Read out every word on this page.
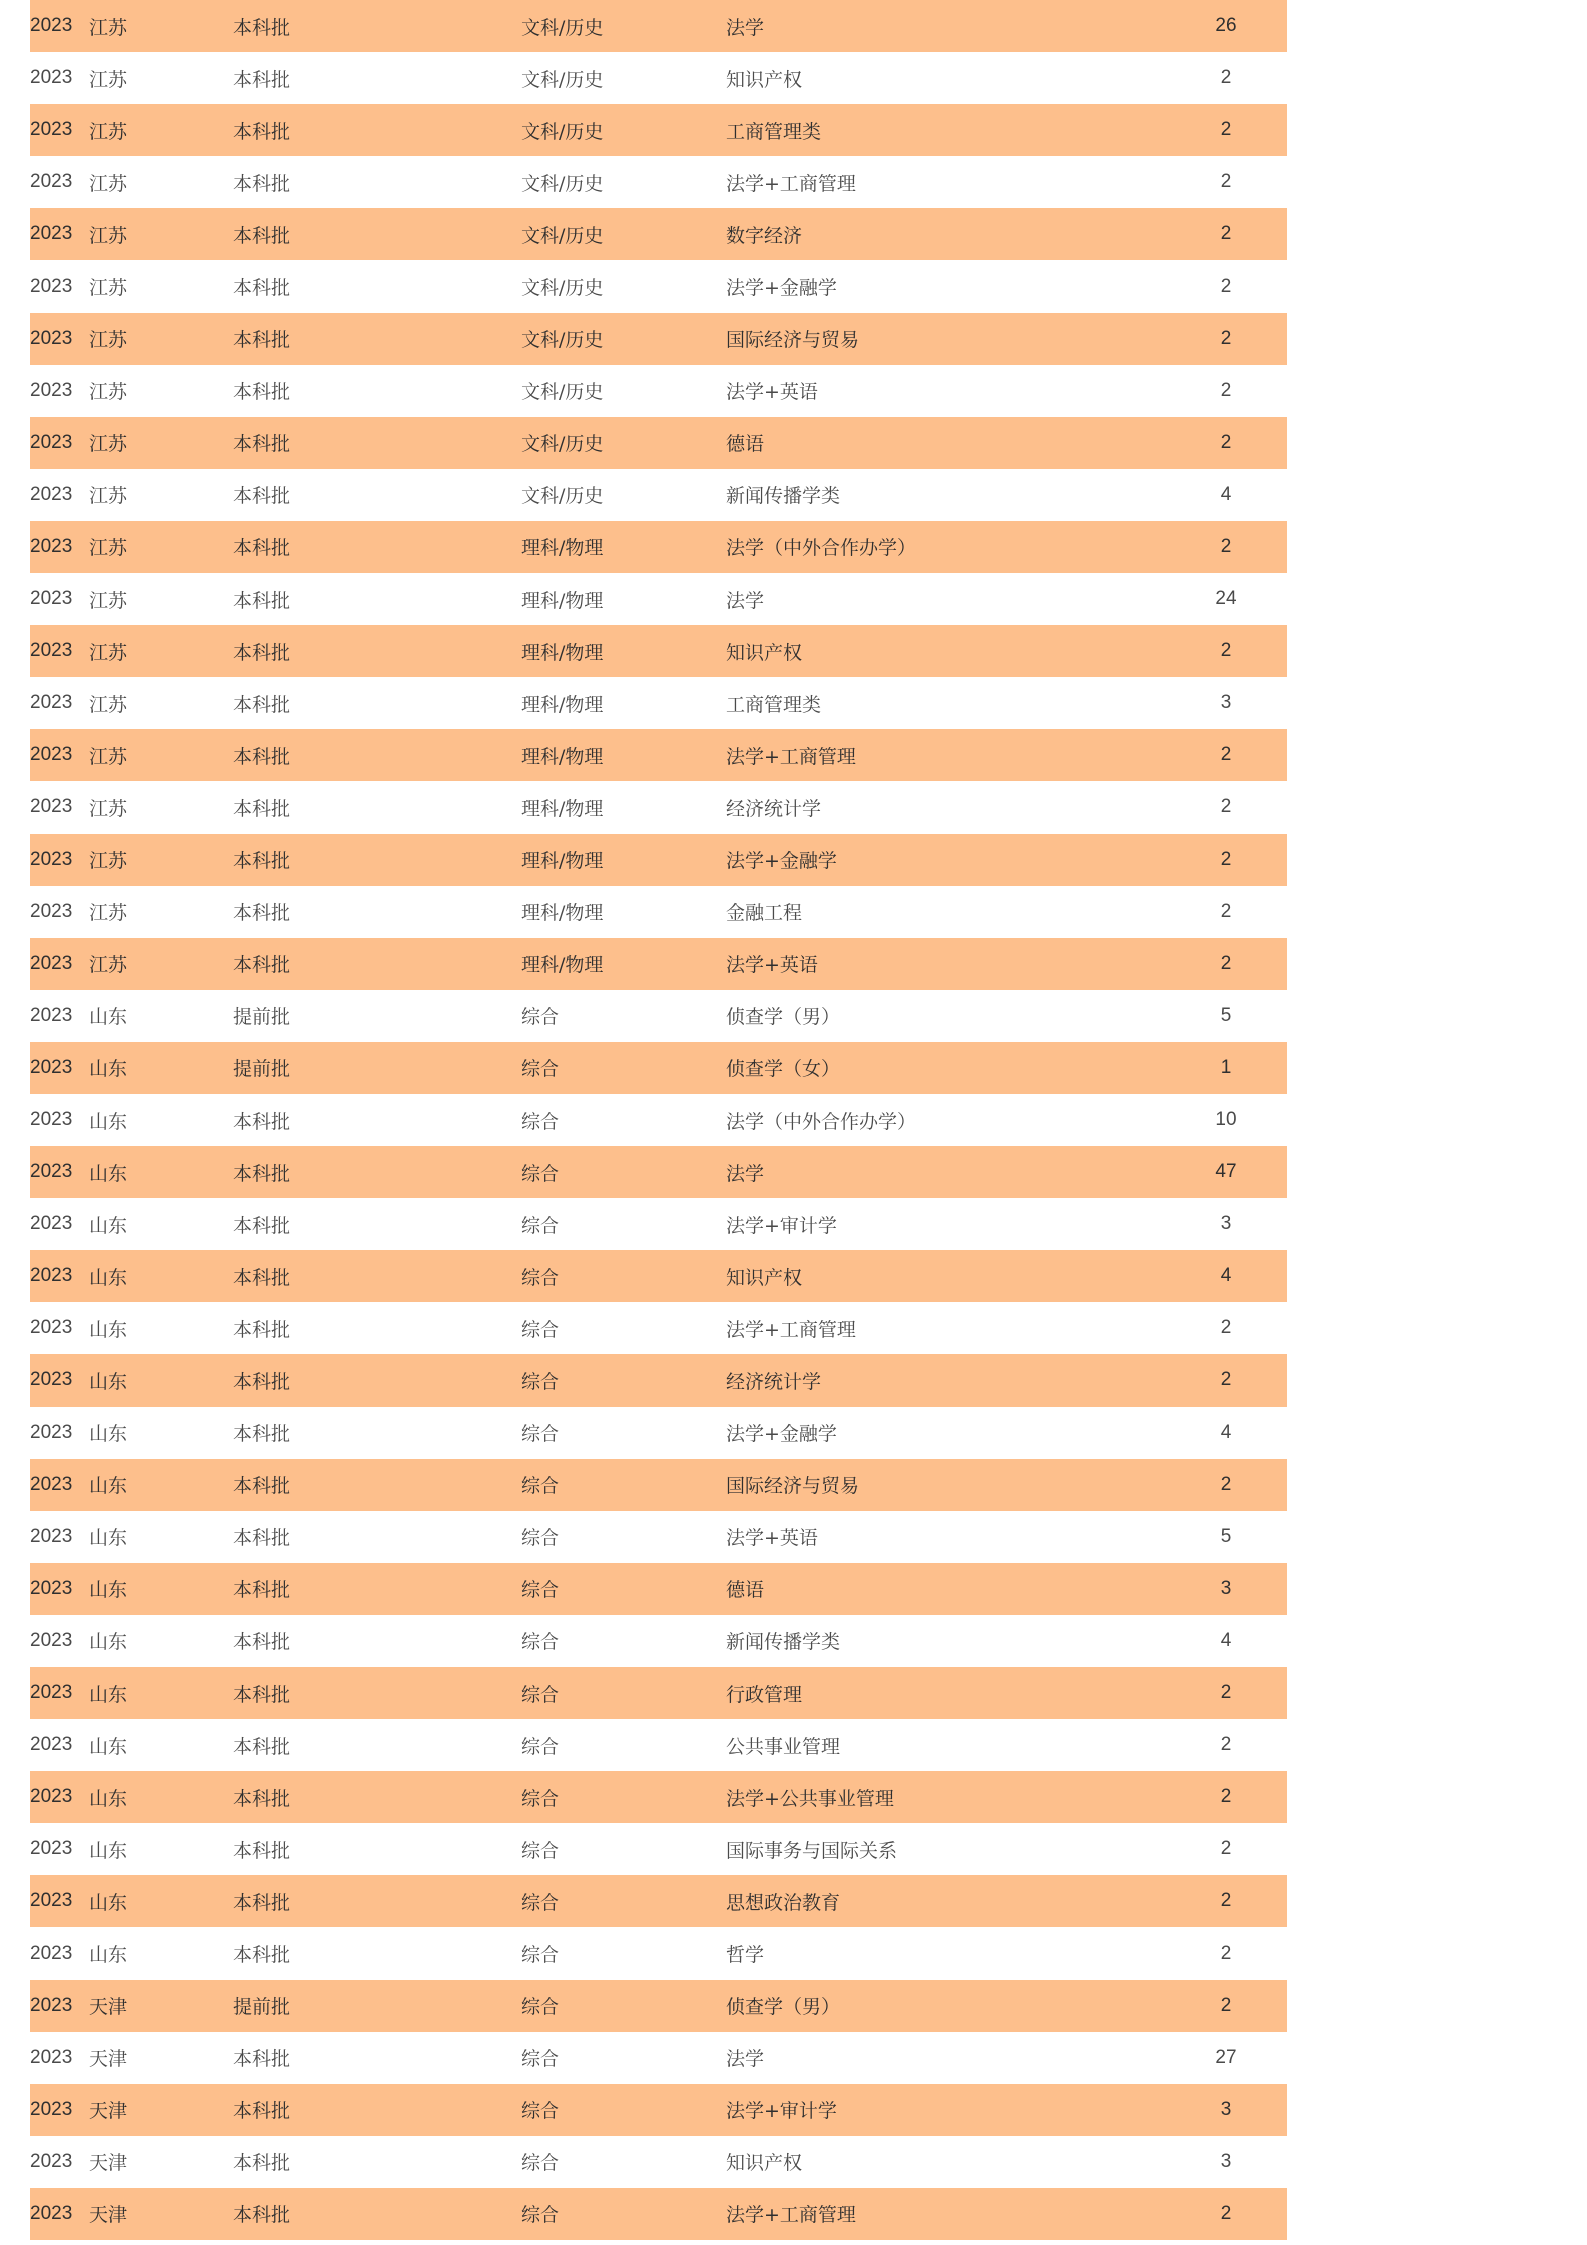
2023 江苏	本科批	文科/历史	法学	26
2023 江苏	本科批	文科/历史	知识产权	2
2023 江苏	本科批	文科/历史	工商管理类	2
2023 江苏	本科批	文科/历史	法学+工商管理	2
2023 江苏	本科批	文科/历史	数字经济	2
2023 江苏	本科批	文科/历史	法学+金融学	2
2023 江苏	本科批	文科/历史	国际经济与贸易	2
2023 江苏	本科批	文科/历史	法学+英语	2
2023 江苏	本科批	文科/历史	德语	2
2023 江苏	本科批	文科/历史	新闻传播学类	4
2023 江苏	本科批	理科/物理	法学（中外合作办学）	2
2023 江苏	本科批	理科/物理	法学	24
2023 江苏	本科批	理科/物理	知识产权	2
2023 江苏	本科批	理科/物理	工商管理类	3
2023 江苏	本科批	理科/物理	法学+工商管理	2
2023 江苏	本科批	理科/物理	经济统计学	2
2023 江苏	本科批	理科/物理	法学+金融学	2
2023 江苏	本科批	理科/物理	金融工程	2
2023 江苏	本科批	理科/物理	法学+英语	2
2023 山东	提前批	综合	侦查学（男）	5
2023 山东	提前批	综合	侦查学（女）	1
2023 山东	本科批	综合	法学（中外合作办学）	10
2023 山东	本科批	综合	法学	47
2023 山东	本科批	综合	法学+审计学	3
2023 山东	本科批	综合	知识产权	4
2023 山东	本科批	综合	法学+工商管理	2
2023 山东	本科批	综合	经济统计学	2
2023 山东	本科批	综合	法学+金融学	4
2023 山东	本科批	综合	国际经济与贸易	2
2023 山东	本科批	综合	法学+英语	5
2023 山东	本科批	综合	德语	3
2023 山东	本科批	综合	新闻传播学类	4
2023 山东	本科批	综合	行政管理	2
2023 山东	本科批	综合	公共事业管理	2
2023 山东	本科批	综合	法学+公共事业管理	2
2023 山东	本科批	综合	国际事务与国际关系	2
2023 山东	本科批	综合	思想政治教育	2
2023 山东	本科批	综合	哲学	2
2023 天津	提前批	综合	侦查学（男）	2
2023 天津	本科批	综合	法学	27
2023 天津	本科批	综合	法学+审计学	3
2023 天津	本科批	综合	知识产权	3
2023 天津	本科批	综合	法学+工商管理	2
